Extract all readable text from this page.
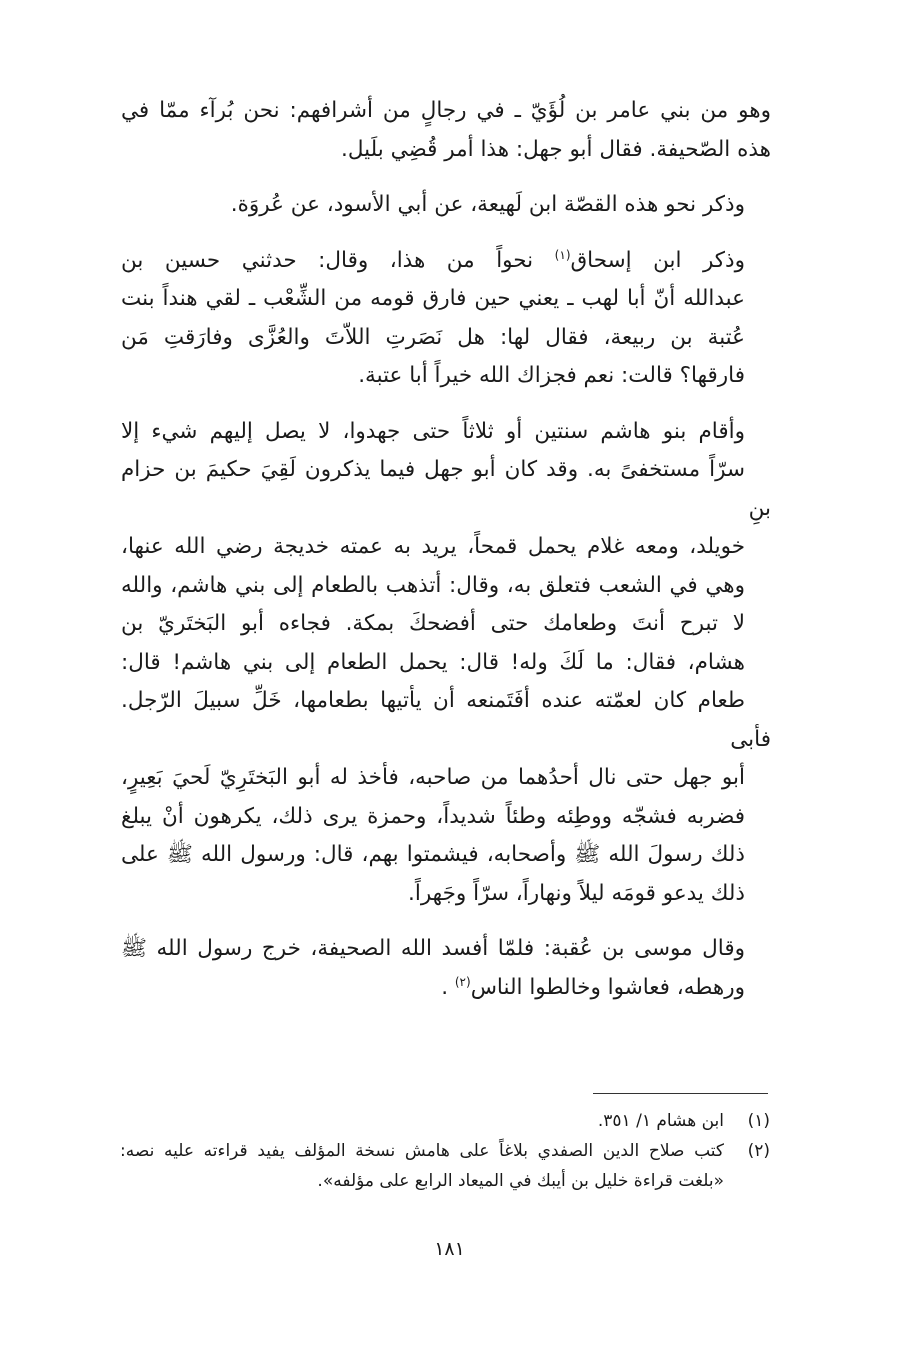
وهو من بني عامر بن لُؤَيّ ـ في رجالٍ من أشرافهم: نحن بُرآء ممّا في
هذه الصّحيفة. فقال أبو جهل: هذا أمر قُضِي بلَيل.

وذكر نحو هذه القصّة ابن لَهيعة، عن أبي الأسود، عن عُروَة.

وذكر ابن إسحاق$^{(١)}$ نحواً من هذا، وقال: حدثني حسين بن
عبدالله أنّ أبا لهب ـ يعني حين فارق قومه من الشِّعْب ـ لقي هنداً بنت
عُتبة بن ربيعة، فقال لها: هل نَصَرتِ اللاّتَ والعُزَّى وفارَقتِ مَن
فارقها؟ قالت: نعم فجزاك الله خيراً أبا عتبة.

وأقام بنو هاشم سنتين أو ثلاثاً حتى جهدوا، لا يصل إليهم شيء إلا
سرّاً مستخفىً به. وقد كان أبو جهل فيما يذكرون لَقِيَ حكيمَ بن حزام بنِ
خويلد، ومعه غلام يحمل قمحاً، يريد به عمته خديجة رضي الله عنها،
وهي في الشعب فتعلق به، وقال: أتذهب بالطعام إلى بني هاشم، والله
لا تبرح أنتَ وطعامك حتى أفضحكَ بمكة. فجاءه أبو البَختَريّ بن
هشام، فقال: ما لَكَ وله! قال: يحمل الطعام إلى بني هاشم! قال:
طعام كان لعمّته عنده أفَتَمنعه أن يأتيها بطعامها، خَلِّ سبيلَ الرّجل. فأبى
أبو جهل حتى نال أحدُهما من صاحبه، فأخذ له أبو البَختَرِيّ لَحيَ بَعِيرٍ،
فضربه فشجّه ووطِئه وطئاً شديداً، وحمزة يرى ذلك، يكرهون أنْ يبلغ
ذلك رسولَ الله ﷺ وأصحابه، فيشمتوا بهم، قال: ورسول الله ﷺ على
ذلك يدعو قومَه ليلاً ونهاراً، سرّاً وجَهراً.

وقال موسى بن عُقبة: فلمّا أفسد الله الصحيفة، خرج رسول الله ﷺ
ورهطه، فعاشوا وخالطوا الناس$^{(٢)}$ .

(١)
ابن هشام ١/ ٣٥١.
(٢)
كتب صلاح الدين الصفدي بلاغاً على هامش نسخة المؤلف يفيد قراءته عليه نصه: «بلغت قراءة خليل بن أيبك في الميعاد الرابع على مؤلفه».
١٨١
